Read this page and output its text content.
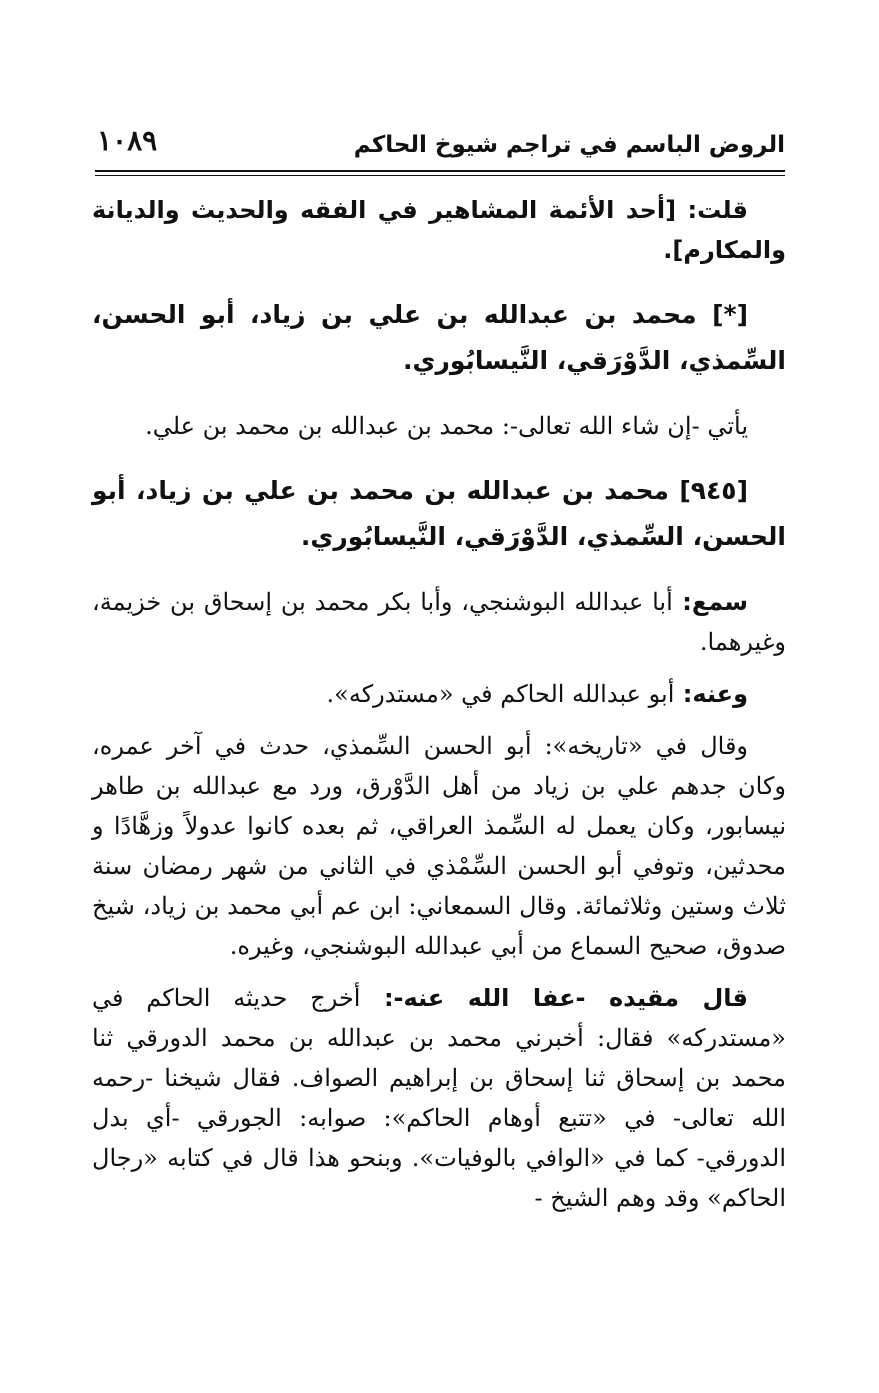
الروض الباسم في تراجم شيوخ الحاكم
١٠٨٩

قلت: [أحد الأئمة المشاهير في الفقه والحديث والديانة والمكارم].

[*] محمد بن عبدالله بن علي بن زياد، أبو الحسن، السِّمذي، الدَّوْرَقي، النَّيسابُوري.

يأتي -إن شاء الله تعالى-: محمد بن عبدالله بن محمد بن علي.

[٩٤٥] محمد بن عبدالله بن محمد بن علي بن زياد، أبو الحسن، السِّمذي، الدَّوْرَقي، النَّيسابُوري.

سمع: أبا عبدالله البوشنجي، وأبا بكر محمد بن إسحاق بن خزيمة، وغيرهما.

وعنه: أبو عبدالله الحاكم في «مستدركه».

وقال في «تاريخه»: أبو الحسن السِّمذي، حدث في آخر عمره، وكان جدهم علي بن زياد من أهل الدَّوْرق، ورد مع عبدالله بن طاهر نيسابور، وكان يعمل له السِّمذ العراقي، ثم بعده كانوا عدولاً وزهَّادًا و محدثين، وتوفي أبو الحسن السِّمْذي في الثاني من شهر رمضان سنة ثلاث وستين وثلاثمائة. وقال السمعاني: ابن عم أبي محمد بن زياد، شيخ صدوق، صحيح السماع من أبي عبدالله البوشنجي، وغيره.

قال مقيده -عفا الله عنه-: أخرج حديثه الحاكم في «مستدركه» فقال: أخبرني محمد بن عبدالله بن محمد الدورقي ثنا محمد بن إسحاق ثنا إسحاق بن إبراهيم الصواف. فقال شيخنا -رحمه الله تعالى- في «تتبع أوهام الحاكم»: صوابه: الجورقي -أي بدل الدورقي- كما في «الوافي بالوفيات». وبنحو هذا قال في كتابه «رجال الحاكم» وقد وهم الشيخ -
